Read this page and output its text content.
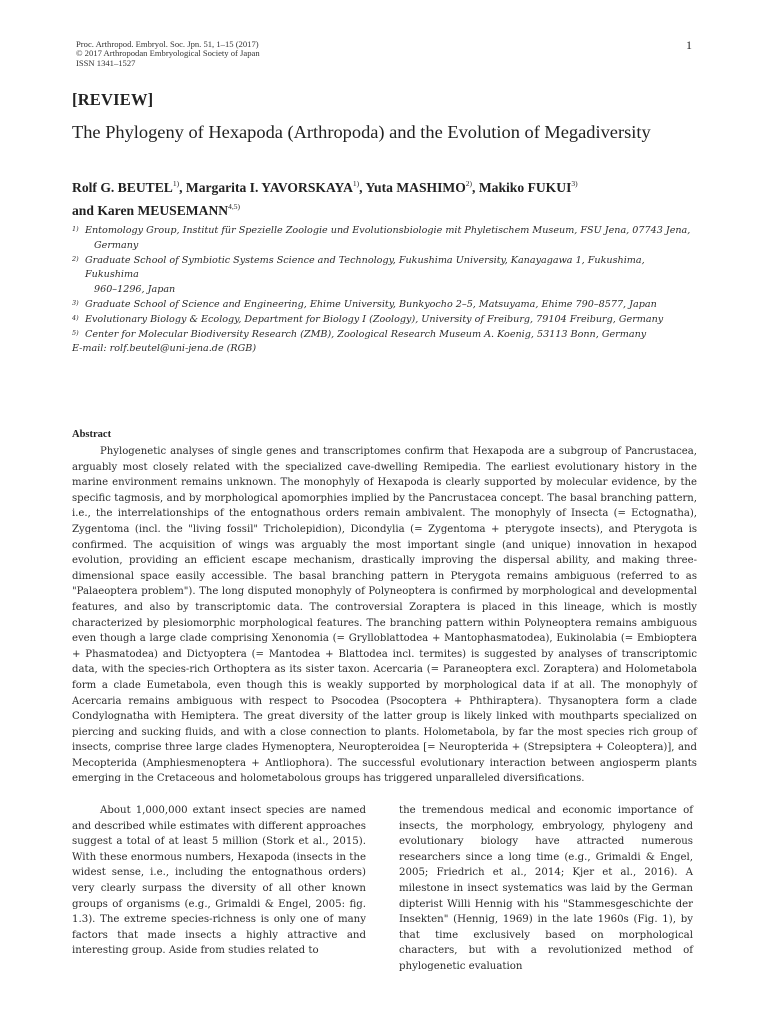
Proc. Arthropod. Embryol. Soc. Jpn. 51, 1–15 (2017)
© 2017 Arthropodan Embryological Society of Japan
ISSN 1341–1527
1
[REVIEW]
The Phylogeny of Hexapoda (Arthropoda) and the Evolution of Megadiversity
Rolf G. BEUTEL$^{1)}$, Margarita I. YAVORSKAYA$^{1)}$, Yuta MASHIMO$^{2)}$, Makiko FUKUI$^{3)}$
and Karen MEUSEMANN$^{4,5)}$
1) Entomology Group, Institut für Spezielle Zoologie und Evolutionsbiologie mit Phyletischem Museum, FSU Jena, 07743 Jena,
Germany
2) Graduate School of Symbiotic Systems Science and Technology, Fukushima University, Kanayagawa 1, Fukushima, Fukushima
960–1296, Japan
3) Graduate School of Science and Engineering, Ehime University, Bunkyocho 2–5, Matsuyama, Ehime 790–8577, Japan
4) Evolutionary Biology & Ecology, Department for Biology I (Zoology), University of Freiburg, 79104 Freiburg, Germany
5) Center for Molecular Biodiversity Research (ZMB), Zoological Research Museum A. Koenig, 53113 Bonn, Germany
E-mail: rolf.beutel@uni-jena.de (RGB)
Abstract

Phylogenetic analyses of single genes and transcriptomes confirm that Hexapoda are a subgroup of Pancrustacea, arguably most closely related with the specialized cave-dwelling Remipedia. The earliest evolutionary history in the marine environment remains unknown. The monophyly of Hexapoda is clearly supported by molecular evidence, by the specific tagmosis, and by morphological apomorphies implied by the Pancrustacea concept. The basal branching pattern, i.e., the interrelationships of the entognathous orders remain ambivalent. The monophyly of Insecta (= Ectognatha), Zygentoma (incl. the "living fossil" Tricholepidion), Dicondylia (= Zygentoma + pterygote insects), and Pterygota is confirmed. The acquisition of wings was arguably the most important single (and unique) innovation in hexapod evolution, providing an efficient escape mechanism, drastically improving the dispersal ability, and making three-dimensional space easily accessible. The basal branching pattern in Pterygota remains ambiguous (referred to as "Palaeoptera problem"). The long disputed monophyly of Polyneoptera is confirmed by morphological and developmental features, and also by transcriptomic data. The controversial Zoraptera is placed in this lineage, which is mostly characterized by plesiomorphic morphological features. The branching pattern within Polyneoptera remains ambiguous even though a large clade comprising Xenonomia (= Grylloblattodea + Mantophasmatodea), Eukinolabia (= Embioptera + Phasmatodea) and Dictyoptera (= Mantodea + Blattodea incl. termites) is suggested by analyses of transcriptomic data, with the species-rich Orthoptera as its sister taxon. Acercaria (= Paraneoptera excl. Zoraptera) and Holometabola form a clade Eumetabola, even though this is weakly supported by morphological data if at all. The monophyly of Acercaria remains ambiguous with respect to Psocodea (Psocoptera + Phthiraptera). Thysanoptera form a clade Condylognatha with Hemiptera. The great diversity of the latter group is likely linked with mouthparts specialized on piercing and sucking fluids, and with a close connection to plants. Holometabola, by far the most species rich group of insects, comprise three large clades Hymenoptera, Neuropteroidea [= Neuropterida + (Strepsiptera + Coleoptera)], and Mecopterida (Amphiesmenoptera + Antliophora). The successful evolutionary interaction between angiosperm plants emerging in the Cretaceous and holometabolous groups has triggered unparalleled diversifications.

About 1,000,000 extant insect species are named and described while estimates with different approaches suggest a total of at least 5 million (Stork et al., 2015). With these enormous numbers, Hexapoda (insects in the widest sense, i.e., including the entognathous orders) very clearly surpass the diversity of all other known groups of organisms (e.g., Grimaldi & Engel, 2005: fig. 1.3). The extreme species-richness is only one of many factors that made insects a highly attractive and interesting group. Aside from studies related to

the tremendous medical and economic importance of insects, the morphology, embryology, phylogeny and evolutionary biology have attracted numerous researchers since a long time (e.g., Grimaldi & Engel, 2005; Friedrich et al., 2014; Kjer et al., 2016). A milestone in insect systematics was laid by the German dipterist Willi Hennig with his "Stammesgeschichte der Insekten" (Hennig, 1969) in the late 1960s (Fig. 1), by that time exclusively based on morphological characters, but with a revolutionized method of phylogenetic evaluation
